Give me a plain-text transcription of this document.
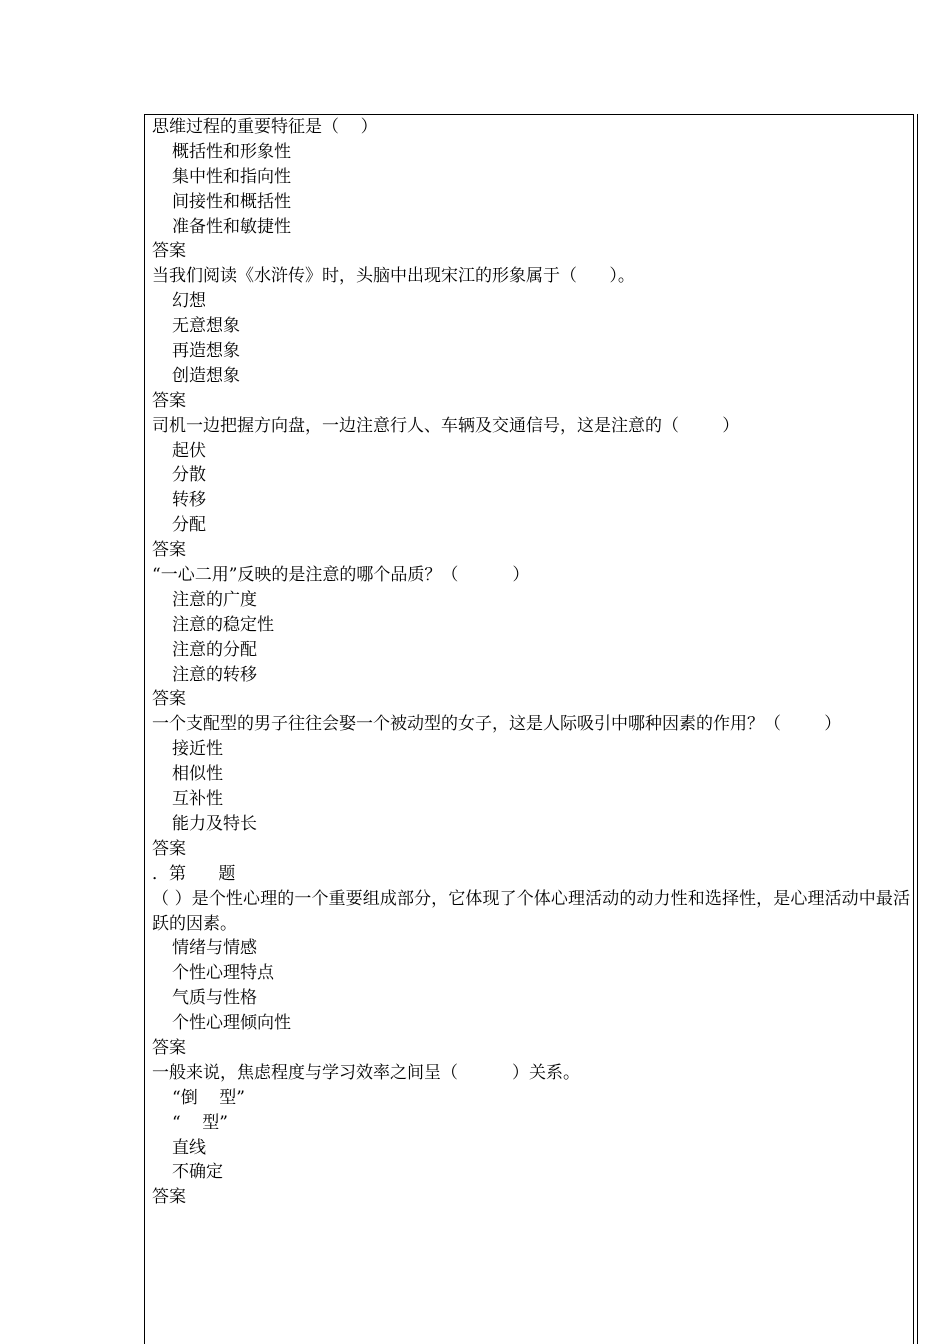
思维过程的重要特征是（    ）
概括性和形象性
集中性和指向性
间接性和概括性
准备性和敏捷性
答案
当我们阅读《水浒传》时，头脑中出现宋江的形象属于（      ）。
幻想
无意想象
再造想象
创造想象
答案
司机一边把握方向盘，一边注意行人、车辆及交通信号，这是注意的（        ）
起伏
分散
转移
分配
答案
“一心二用”反映的是注意的哪个品质？（          ）
注意的广度
注意的稳定性
注意的分配
注意的转移
答案
一个支配型的男子往往会娶一个被动型的女子，这是人际吸引中哪种因素的作用？（        ）
接近性
相似性
互补性
能力及特长
答案
．第      题
（ ）是个性心理的一个重要组成部分，它体现了个体心理活动的动力性和选择性，是心理活动中最活跃的因素。
情绪与情感
个性心理特点
气质与性格
个性心理倾向性
答案
一般来说，焦虑程度与学习效率之间呈（          ）关系。
“倒    型”
“    型”
直线
不确定
答案
